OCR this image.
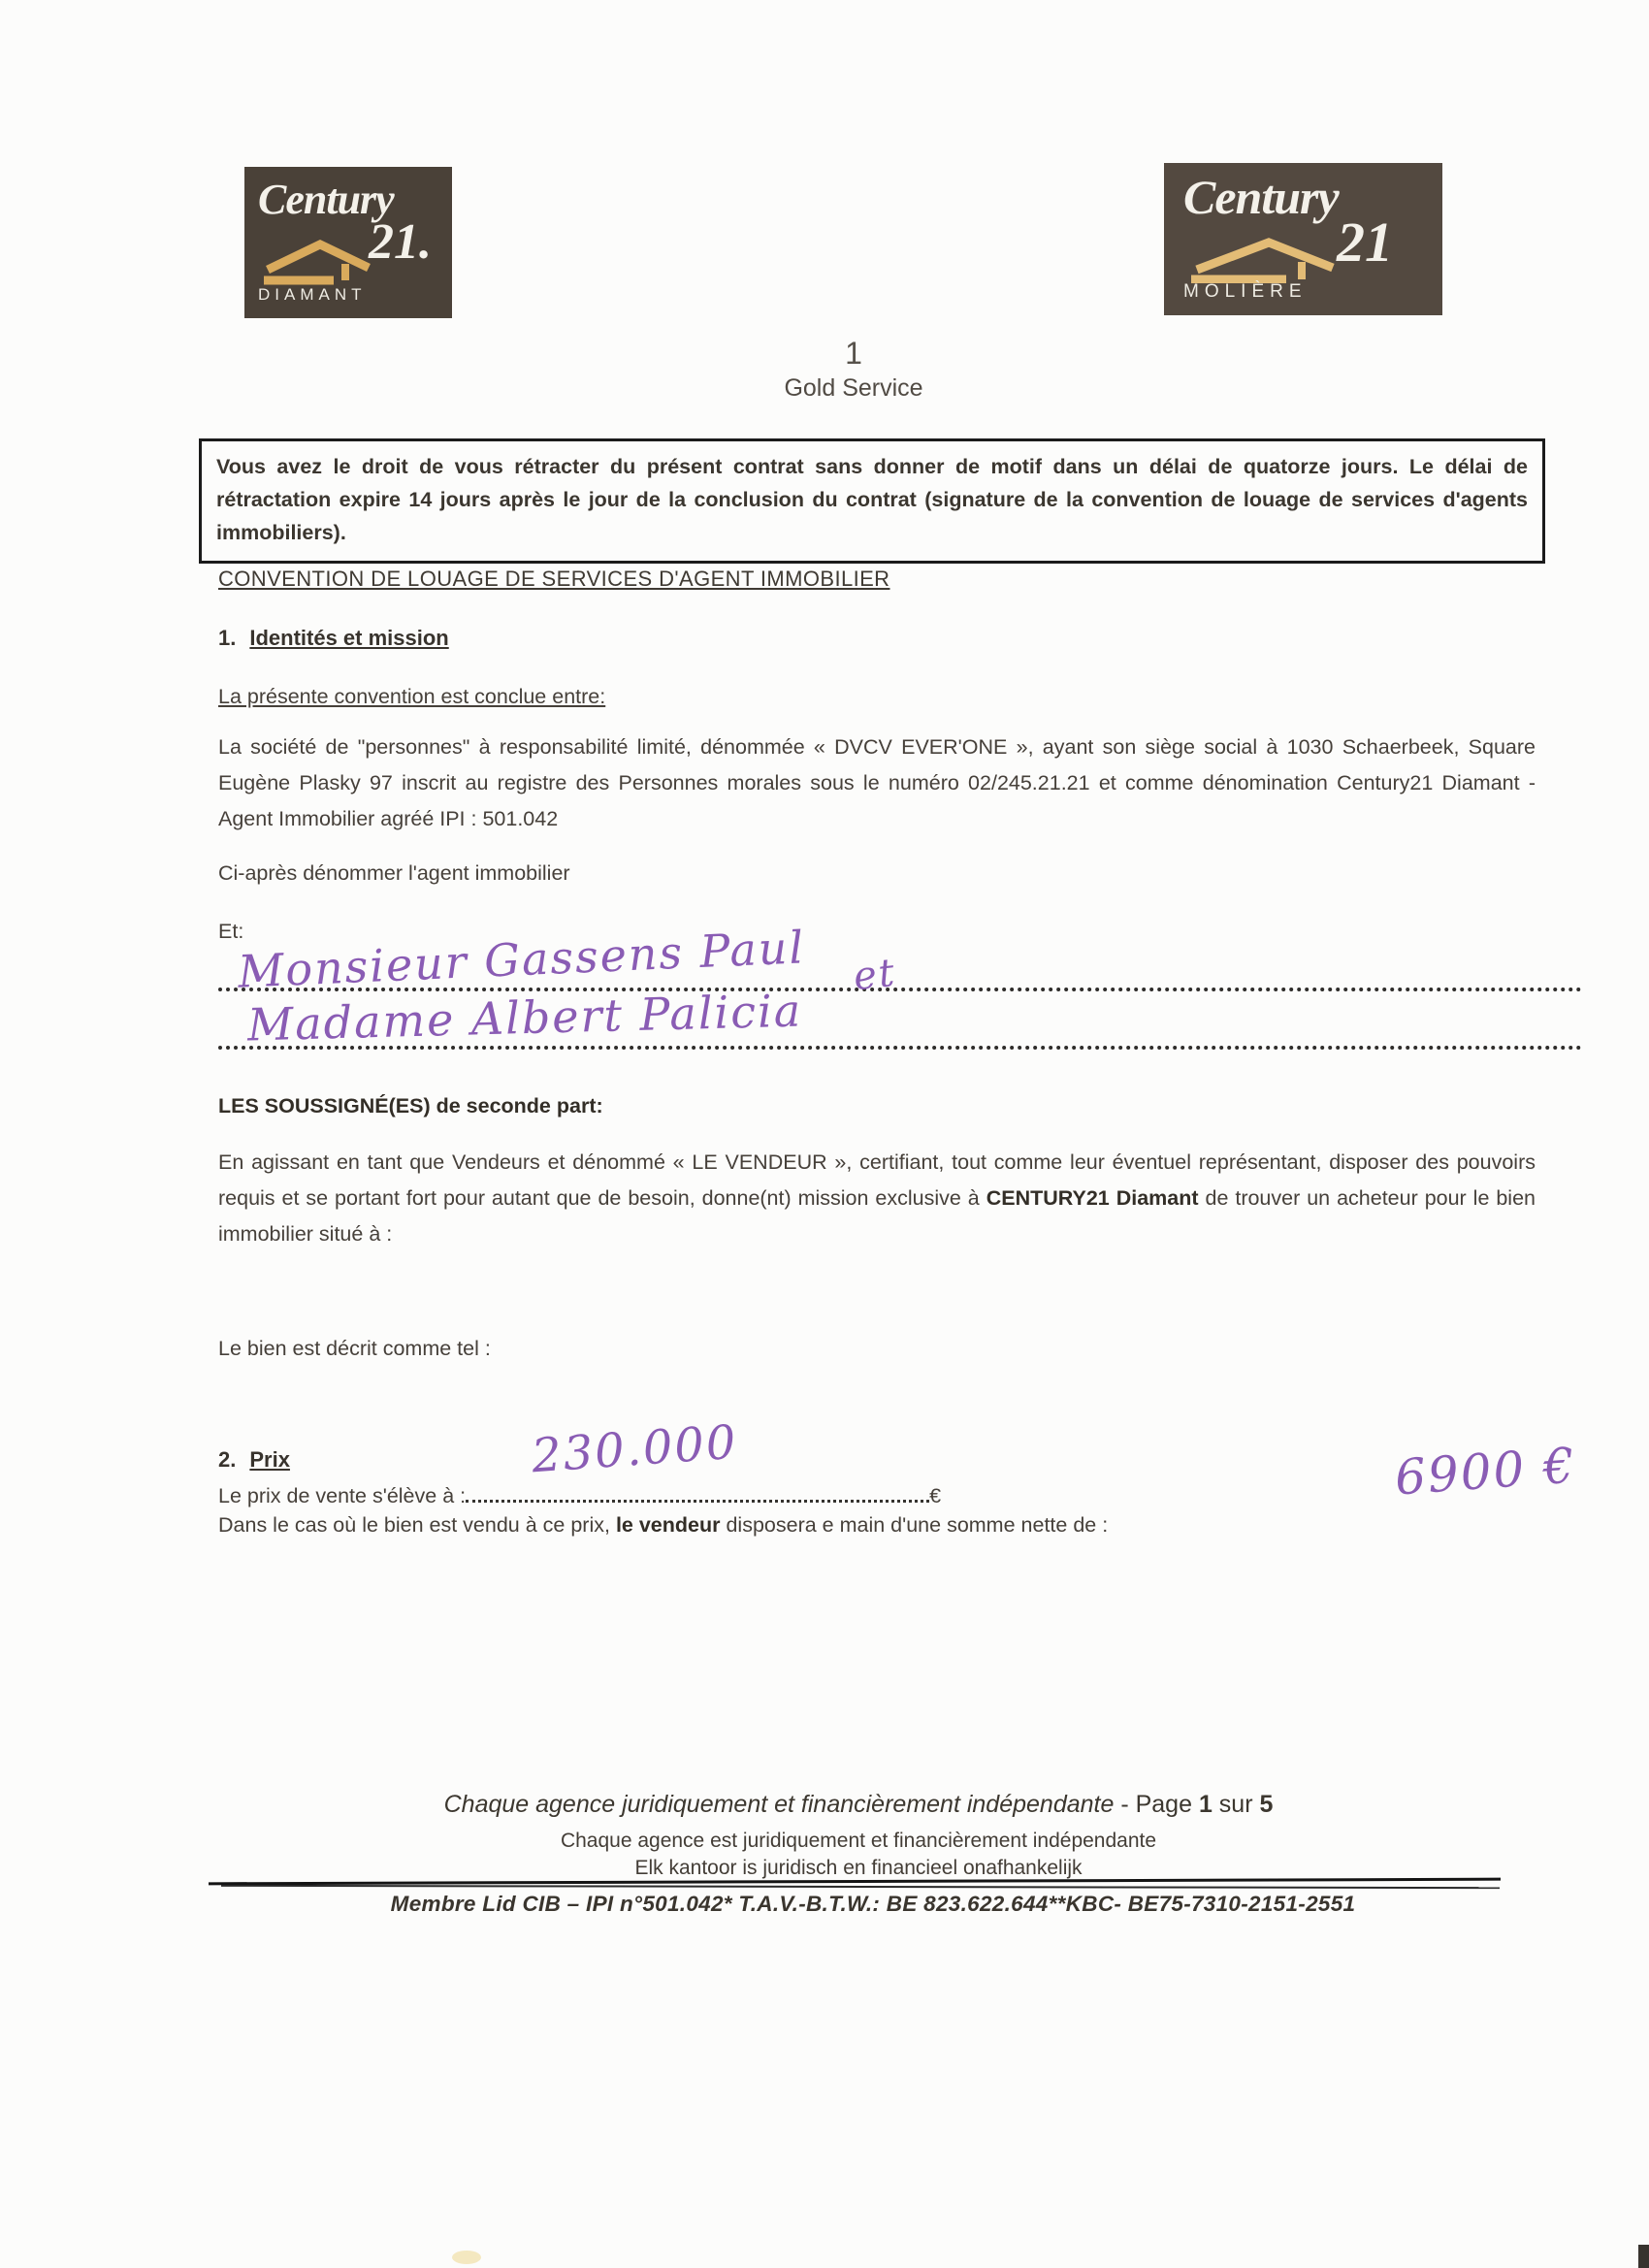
Century
21.
DIAMANT
Century
21
MOLIÈRE
1
Gold Service
Vous avez le droit de vous rétracter du présent contrat sans donner de motif dans un délai de quatorze jours. Le délai de rétractation expire 14 jours après le jour de la conclusion du contrat (signature de la convention de louage de services d'agents immobiliers).
CONVENTION DE LOUAGE DE SERVICES D'AGENT IMMOBILIER
1. Identités et mission
La présente convention est conclue entre:
La société de "personnes" à responsabilité limité, dénommée « DVCV EVER'ONE », ayant son siège social à 1030 Schaerbeek, Square Eugène Plasky 97 inscrit au registre des Personnes morales sous le numéro 02/245.21.21 et comme dénomination Century21 Diamant - Agent Immobilier agréé IPI : 501.042
Ci-après dénommer l'agent immobilier
Et:
Monsieur Gassens Paul et
Madame Albert Palicia
LES SOUSSIGNÉ(ES) de seconde part:
En agissant en tant que Vendeurs et dénommé « LE VENDEUR », certifiant, tout comme leur éventuel représentant, disposer des pouvoirs requis et se portant fort pour autant que de besoin, donne(nt) mission exclusive à CENTURY21 Diamant de trouver un acheteur pour le bien immobilier situé à :
Le bien est décrit comme tel :
2. Prix
Le prix de vente s'élève à :	€
230.000
Dans le cas où le bien est vendu à ce prix, le vendeur disposera e main d'une somme nette de :
6900 €
Chaque agence juridiquement et financièrement indépendante - Page 1 sur 5
Chaque agence est juridiquement et financièrement indépendante
Elk kantoor is juridisch en financieel onafhankelijk
Membre Lid CIB – IPI n°501.042* T.A.V.-B.T.W.: BE 823.622.644**KBC- BE75-7310-2151-2551
